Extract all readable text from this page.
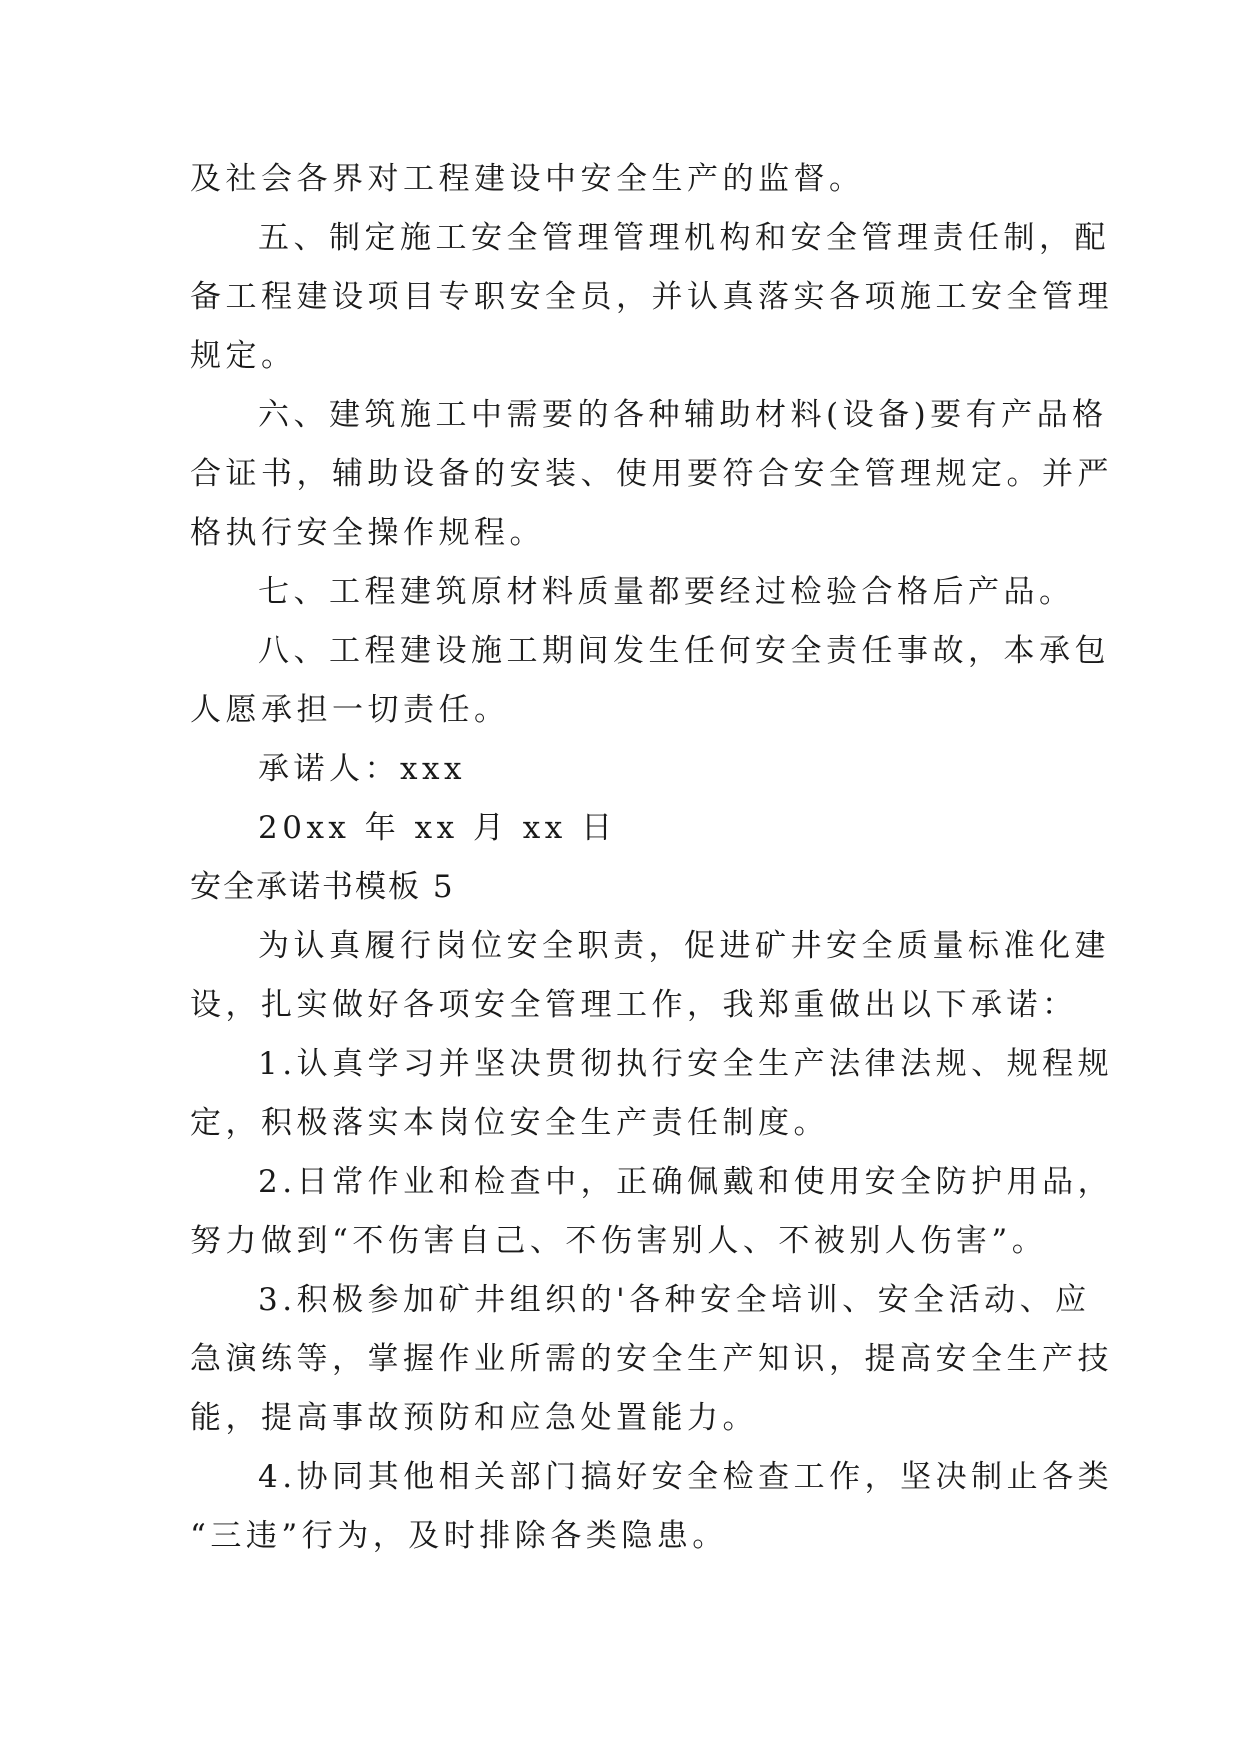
及社会各界对工程建设中安全生产的监督。
五、制定施工安全管理管理机构和安全管理责任制，配
备工程建设项目专职安全员，并认真落实各项施工安全管理
规定。
六、建筑施工中需要的各种辅助材料(设备)要有产品格
合证书，辅助设备的安装、使用要符合安全管理规定。并严
格执行安全操作规程。
七、工程建筑原材料质量都要经过检验合格后产品。
八、工程建设施工期间发生任何安全责任事故，本承包
人愿承担一切责任。
承诺人：xxx
20xx 年 xx 月 xx 日
安全承诺书模板 5
为认真履行岗位安全职责，促进矿井安全质量标准化建
设，扎实做好各项安全管理工作，我郑重做出以下承诺：
1.认真学习并坚决贯彻执行安全生产法律法规、规程规
定，积极落实本岗位安全生产责任制度。
2.日常作业和检查中，正确佩戴和使用安全防护用品，
努力做到“不伤害自己、不伤害别人、不被别人伤害”。
3.积极参加矿井组织的'各种安全培训、安全活动、应
急演练等，掌握作业所需的安全生产知识，提高安全生产技
能，提高事故预防和应急处置能力。
4.协同其他相关部门搞好安全检查工作，坚决制止各类
“三违”行为，及时排除各类隐患。
